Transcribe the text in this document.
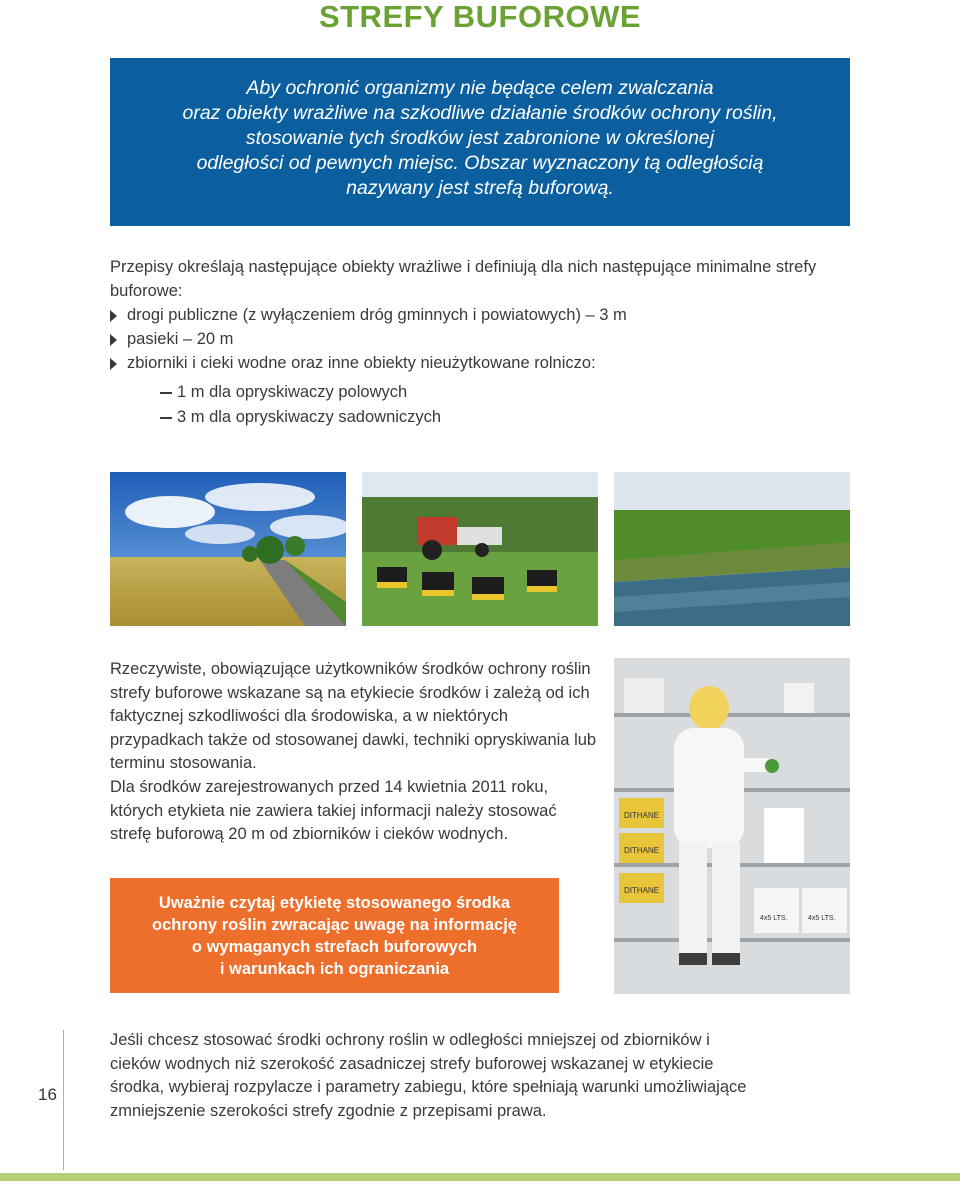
STREFY BUFOROWE
Aby ochronić organizmy nie będące celem zwalczania
oraz obiekty wrażliwe na szkodliwe działanie środków ochrony roślin,
stosowanie tych środków jest zabronione w określonej
odległości od pewnych miejsc. Obszar wyznaczony tą odległością
nazywany jest strefą buforową.
Przepisy określają następujące obiekty wrażliwe i definiują dla nich następujące minimalne strefy buforowe:
drogi publiczne (z wyłączeniem dróg gminnych i powiatowych) – 3 m
pasieki – 20 m
zbiorniki i cieki wodne oraz inne obiekty nieużytkowane rolniczo:
1 m dla opryskiwaczy polowych
3 m dla opryskiwaczy sadowniczych
Rzeczywiste, obowiązujące użytkowników środków ochrony roślin strefy buforowe wskazane są na etykiecie środków i zależą od ich faktycznej szkodliwości dla środowiska, a w niektórych przypadkach także od stosowanej dawki, techniki opryskiwania lub terminu stosowania.
Dla środków zarejestrowanych przed 14 kwietnia 2011 roku, których etykieta nie zawiera takiej informacji należy stosować strefę buforową 20 m od zbiorników i cieków wodnych.
DITHANE
DITHANE
DITHANE
4x5 LTS.	4x5 LTS.
Uważnie czytaj etykietę stosowanego środka
ochrony roślin zwracając uwagę na informację
o wymaganych strefach buforowych
i warunkach ich ograniczania
Jeśli chcesz stosować środki ochrony roślin w odległości mniejszej od zbiorników i cieków wodnych niż szerokość zasadniczej strefy buforowej wskazanej w etykiecie środka, wybieraj rozpylacze i parametry zabiegu, które spełniają warunki umożliwiające zmniejszenie szerokości strefy zgodnie z przepisami prawa.
16
